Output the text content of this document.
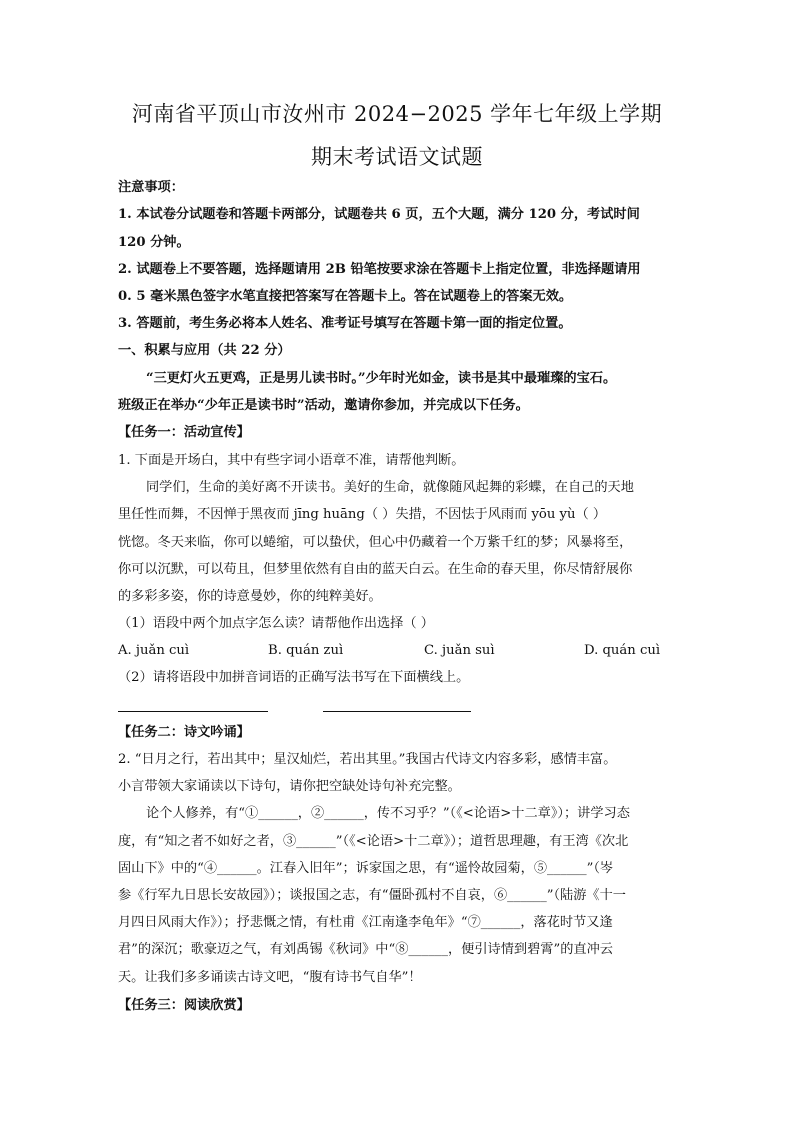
河南省平顶山市汝州市 2024−2025 学年七年级上学期
期末考试语文试题
注意事项：
1. 本试卷分试题卷和答题卡两部分，试题卷共 6 页，五个大题，满分 120 分，考试时间
120 分钟。
2. 试题卷上不要答题，选择题请用 2B 铅笔按要求涂在答题卡上指定位置，非选择题请用
0. 5 毫米黑色签字水笔直接把答案写在答题卡上。答在试题卷上的答案无效。
3. 答题前，考生务必将本人姓名、准考证号填写在答题卡第一面的指定位置。
一、积累与应用（共 22 分）
“三更灯火五更鸡，正是男儿读书时。”少年时光如金，读书是其中最璀璨的宝石。
班级正在举办“少年正是读书时”活动，邀请你参加，并完成以下任务。
【任务一：活动宣传】
1. 下面是开场白，其中有些字词小语章不准，请帮他判断。
同学们，生命的美好离不开读书。美好的生命，就像随风起舞的彩蝶，在自己的天地
里任性而舞，不因惮于黑夜而 jīng huāng（ ）失措，不因怯于风雨而 yōu yù（ ）
恍惚。冬天来临，你可以蜷缩，可以蛰伏，但心中仍藏着一个万紫千红的梦；风暴将至，
你可以沉默，可以苟且，但梦里依然有自由的蓝天白云。在生命的春天里，你尽情舒展你
的多彩多姿，你的诗意曼妙，你的纯粹美好。
（1）语段中两个加点字怎么读？请帮他作出选择（ ）
A. juǎn cuì	B. quán zuì	C. juǎn suì	D. quán cuì
（2）请将语段中加拼音词语的正确写法书写在下面横线上。
【任务二：诗文吟诵】
2. “日月之行，若出其中；星汉灿烂，若出其里。”我国古代诗文内容多彩，感情丰富。
小言带领大家诵读以下诗句，请你把空缺处诗句补充完整。
论个人修养，有“①______，②______，传不习乎？”（《<论语>十二章》）；讲学习态
度，有“知之者不如好之者，③______”（《<论语>十二章》）；道哲思理趣，有王湾《次北
固山下》中的“④______。江春入旧年”；诉家国之思，有“遥怜故园菊，⑤______”（岑
参《行军九日思长安故园》）；谈报国之志，有“僵卧孤村不自哀，⑥______”（陆游《十一
月四日风雨大作》）；抒悲慨之情，有杜甫《江南逢李龟年》“⑦______，落花时节又逢
君”的深沉；歌豪迈之气，有刘禹锡《秋词》中“⑧______，便引诗情到碧霄”的直冲云
天。让我们多多诵读古诗文吧，“腹有诗书气自华”！
【任务三：阅读欣赏】
